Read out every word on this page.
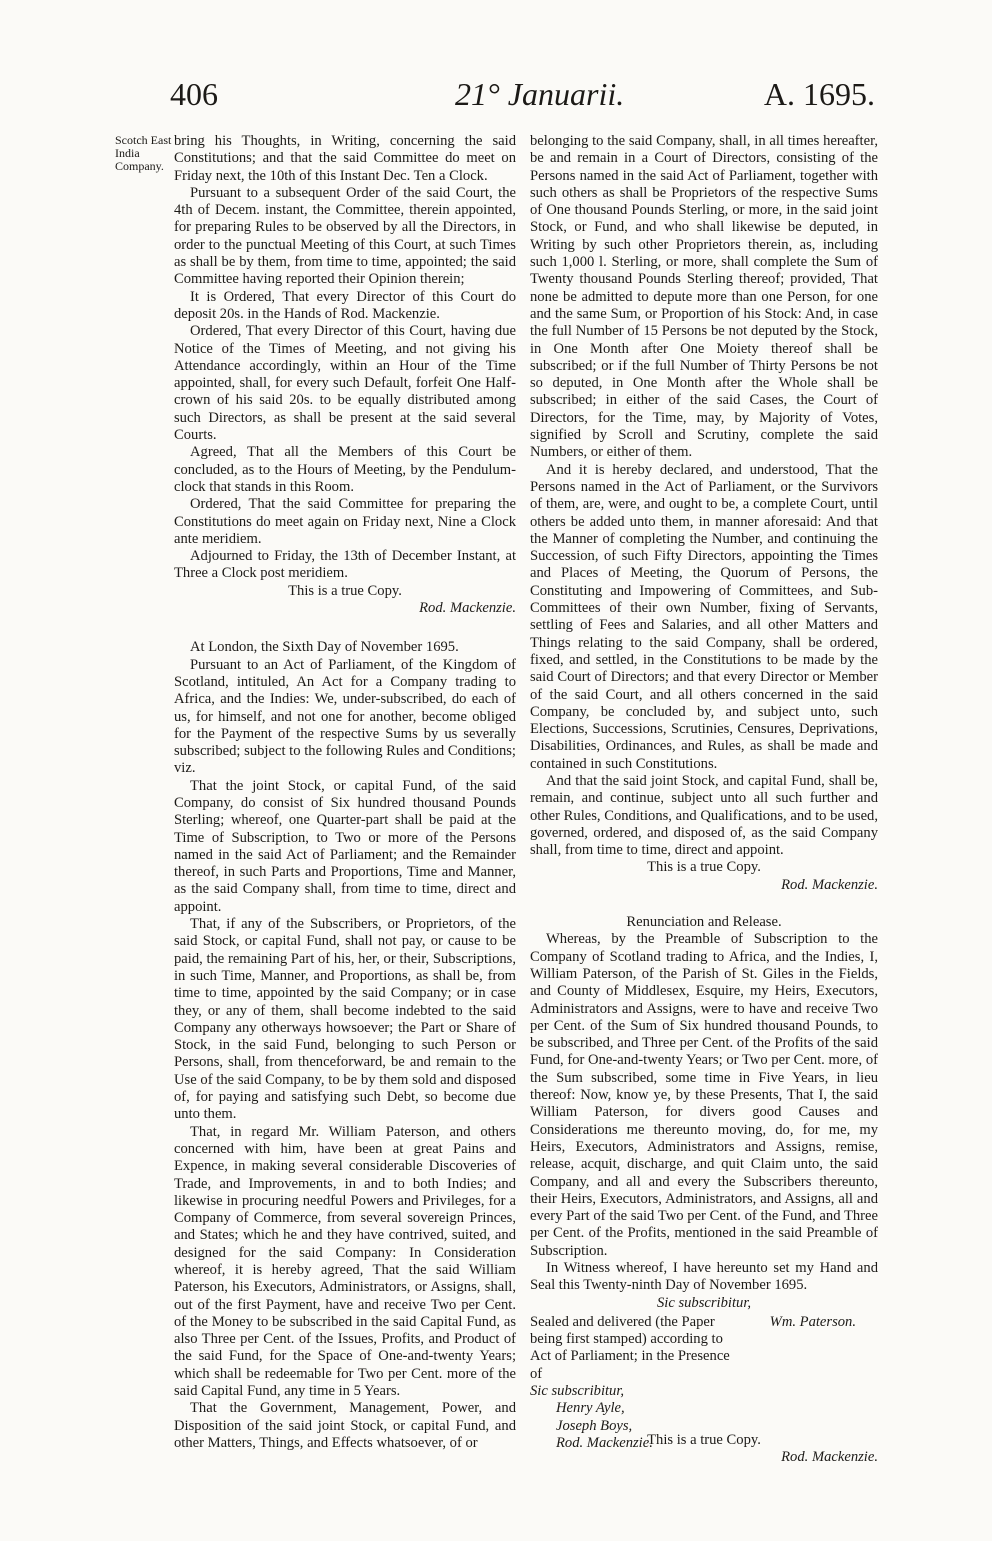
406	21° Januarii.	A. 1695.
Scotch East India Company.

bring his Thoughts, in Writing, concerning the said Constitutions; and that the said Committee do meet on Friday next, the 10th of this Instant Dec. Ten a Clock.

Pursuant to a subsequent Order of the said Court, the 4th of Decem. instant, the Committee, therein appointed, for preparing Rules to be observed by all the Directors, in order to the punctual Meeting of this Court, at such Times as shall be by them, from time to time, appointed; the said Committee having reported their Opinion therein;

It is Ordered, That every Director of this Court do deposit 20s. in the Hands of Rod. Mackenzie.

Ordered, That every Director of this Court, having due Notice of the Times of Meeting, and not giving his Attendance accordingly, within an Hour of the Time appointed, shall, for every such Default, forfeit One Half-crown of his said 20s. to be equally distributed among such Directors, as shall be present at the said several Courts.

Agreed, That all the Members of this Court be concluded, as to the Hours of Meeting, by the Pendulum-clock that stands in this Room.

Ordered, That the said Committee for preparing the Constitutions do meet again on Friday next, Nine a Clock ante meridiem.

Adjourned to Friday, the 13th of December Instant, at Three a Clock post meridiem.

This is a true Copy.

Rod. Mackenzie.

At London, the Sixth Day of November 1695.

Pursuant to an Act of Parliament, of the Kingdom of Scotland, intituled, An Act for a Company trading to Africa, and the Indies: We, under-subscribed, do each of us, for himself, and not one for another, become obliged for the Payment of the respective Sums by us severally subscribed; subject to the following Rules and Conditions; viz.

That the joint Stock, or capital Fund, of the said Company, do consist of Six hundred thousand Pounds Sterling; whereof, one Quarter-part shall be paid at the Time of Subscription, to Two or more of the Persons named in the said Act of Parliament; and the Remainder thereof, in such Parts and Proportions, Time and Manner, as the said Company shall, from time to time, direct and appoint.

That, if any of the Subscribers, or Proprietors, of the said Stock, or capital Fund, shall not pay, or cause to be paid, the remaining Part of his, her, or their, Subscriptions, in such Time, Manner, and Proportions, as shall be, from time to time, appointed by the said Company; or in case they, or any of them, shall become indebted to the said Company any otherways howsoever; the Part or Share of Stock, in the said Fund, belonging to such Person or Persons, shall, from thenceforward, be and remain to the Use of the said Company, to be by them sold and disposed of, for paying and satisfying such Debt, so become due unto them.

That, in regard Mr. William Paterson, and others concerned with him, have been at great Pains and Expence, in making several considerable Discoveries of Trade, and Improvements, in and to both Indies; and likewise in procuring needful Powers and Privileges, for a Company of Commerce, from several sovereign Princes, and States; which he and they have contrived, suited, and designed for the said Company: In Consideration whereof, it is hereby agreed, That the said William Paterson, his Executors, Administrators, or Assigns, shall, out of the first Payment, have and receive Two per Cent. of the Money to be subscribed in the said Capital Fund, as also Three per Cent. of the Issues, Profits, and Product of the said Fund, for the Space of One-and-twenty Years; which shall be redeemable for Two per Cent. more of the said Capital Fund, any time in 5 Years.

That the Government, Management, Power, and Disposition of the said joint Stock, or capital Fund, and other Matters, Things, and Effects whatsoever, of or

belonging to the said Company, shall, in all times hereafter, be and remain in a Court of Directors, consisting of the Persons named in the said Act of Parliament, together with such others as shall be Proprietors of the respective Sums of One thousand Pounds Sterling, or more, in the said joint Stock, or Fund, and who shall likewise be deputed, in Writing by such other Proprietors therein, as, including such 1,000 l. Sterling, or more, shall complete the Sum of Twenty thousand Pounds Sterling thereof; provided, That none be admitted to depute more than one Person, for one and the same Sum, or Proportion of his Stock: And, in case the full Number of 15 Persons be not deputed by the Stock, in One Month after One Moiety thereof shall be subscribed; or if the full Number of Thirty Persons be not so deputed, in One Month after the Whole shall be subscribed; in either of the said Cases, the Court of Directors, for the Time, may, by Majority of Votes, signified by Scroll and Scrutiny, complete the said Numbers, or either of them.

And it is hereby declared, and understood, That the Persons named in the Act of Parliament, or the Survivors of them, are, were, and ought to be, a complete Court, until others be added unto them, in manner aforesaid: And that the Manner of completing the Number, and continuing the Succession, of such Fifty Directors, appointing the Times and Places of Meeting, the Quorum of Persons, the Constituting and Impowering of Committees, and Sub-Committees of their own Number, fixing of Servants, settling of Fees and Salaries, and all other Matters and Things relating to the said Company, shall be ordered, fixed, and settled, in the Constitutions to be made by the said Court of Directors; and that every Director or Member of the said Court, and all others concerned in the said Company, be concluded by, and subject unto, such Elections, Successions, Scrutinies, Censures, Deprivations, Disabilities, Ordinances, and Rules, as shall be made and contained in such Constitutions.

And that the said joint Stock, and capital Fund, shall be, remain, and continue, subject unto all such further and other Rules, Conditions, and Qualifications, and to be used, governed, ordered, and disposed of, as the said Company shall, from time to time, direct and appoint.

This is a true Copy.

Rod. Mackenzie.

Renunciation and Release.

Whereas, by the Preamble of Subscription to the Company of Scotland trading to Africa, and the Indies, I, William Paterson, of the Parish of St. Giles in the Fields, and County of Middlesex, Esquire, my Heirs, Executors, Administrators and Assigns, were to have and receive Two per Cent. of the Sum of Six hundred thousand Pounds, to be subscribed, and Three per Cent. of the Profits of the said Fund, for One-and-twenty Years; or Two per Cent. more, of the Sum subscribed, some time in Five Years, in lieu thereof: Now, know ye, by these Presents, That I, the said William Paterson, for divers good Causes and Considerations me thereunto moving, do, for me, my Heirs, Executors, Administrators and Assigns, remise, release, acquit, discharge, and quit Claim unto, the said Company, and all and every the Subscribers thereunto, their Heirs, Executors, Administrators, and Assigns, all and every Part of the said Two per Cent. of the Fund, and Three per Cent. of the Profits, mentioned in the said Preamble of Subscription.

In Witness whereof, I have hereunto set my Hand and Seal this Twenty-ninth Day of November 1695.

Sic subscribitur,

Sealed and delivered (the Paper being first stamped) according to Act of Parliament; in the Presence of
Sic subscribitur,
Henry Ayle,
Joseph Boys,
Rod. Mackenzie.
Wm. Paterson.

This is a true Copy.

Rod. Mackenzie.
